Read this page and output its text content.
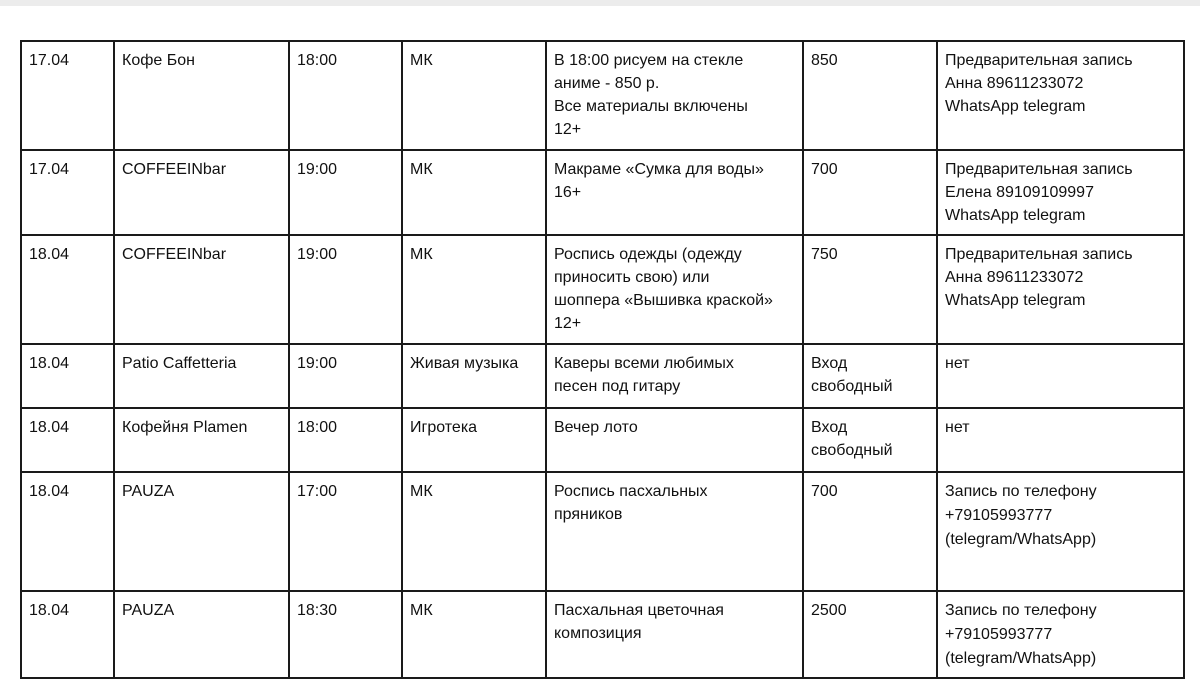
17.04	Кофе Бон	18:00	МК	В 18:00 рисуем на стекле
аниме - 850 р.
Все материалы включены
12+	850	Предварительная запись
Анна 89611233072
WhatsApp telegram
17.04	COFFEEINbar	19:00	МК	Макраме «Сумка для воды»
16+	700	Предварительная запись
Елена 89109109997
WhatsApp telegram
18.04	COFFEEINbar	19:00	МК	Роспись одежды (одежду
приносить свою) или
шоппера «Вышивка краской»
12+	750	Предварительная запись
Анна 89611233072
WhatsApp telegram
18.04	Patio Caffetteria	19:00	Живая музыка	Каверы всеми любимых
песен под гитару	Вход
свободный	нет
18.04	Кофейня Plamen	18:00	Игротека	Вечер лото	Вход
свободный	нет
18.04	PAUZA	17:00	МК	Роспись пасхальных
пряников	700	Запись по телефону
+79105993777
(telegram/WhatsApp)
18.04	PAUZA	18:30	МК	Пасхальная цветочная
композиция	2500	Запись по телефону
+79105993777
(telegram/WhatsApp)
